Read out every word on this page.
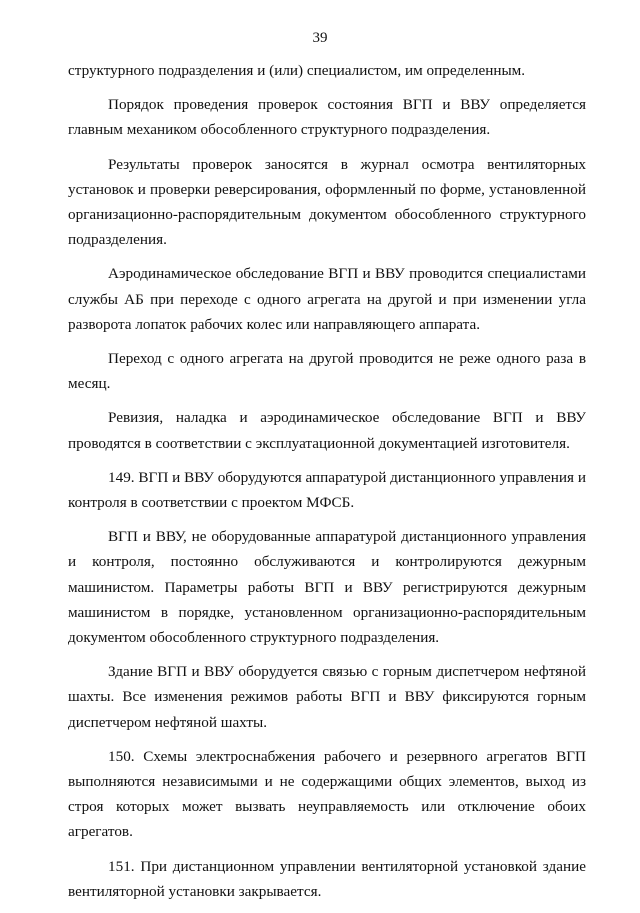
39

структурного подразделения и (или) специалистом, им определенным.

Порядок проведения проверок состояния ВГП и ВВУ определяется главным механиком обособленного структурного подразделения.

Результаты проверок заносятся в журнал осмотра вентиляторных установок и проверки реверсирования, оформленный по форме, установленной организационно-распорядительным документом обособленного структурного подразделения.

Аэродинамическое обследование ВГП и ВВУ проводится специалистами службы АБ при переходе с одного агрегата на другой и при изменении угла разворота лопаток рабочих колес или направляющего аппарата.

Переход с одного агрегата на другой проводится не реже одного раза в месяц.

Ревизия, наладка и аэродинамическое обследование ВГП и ВВУ проводятся в соответствии с эксплуатационной документацией изготовителя.

149. ВГП и ВВУ оборудуются аппаратурой дистанционного управления и контроля в соответствии с проектом МФСБ.

ВГП и ВВУ, не оборудованные аппаратурой дистанционного управления и контроля, постоянно обслуживаются и контролируются дежурным машинистом. Параметры работы ВГП и ВВУ регистрируются дежурным машинистом в порядке, установленном организационно-распорядительным документом обособленного структурного подразделения.

Здание ВГП и ВВУ оборудуется связью с горным диспетчером нефтяной шахты. Все изменения режимов работы ВГП и ВВУ фиксируются горным диспетчером нефтяной шахты.

150. Схемы электроснабжения рабочего и резервного агрегатов ВГП выполняются независимыми и не содержащими общих элементов, выход из строя которых может вызвать неуправляемость или отключение обоих агрегатов.

151. При дистанционном управлении вентиляторной установкой здание вентиляторной установки закрывается.
